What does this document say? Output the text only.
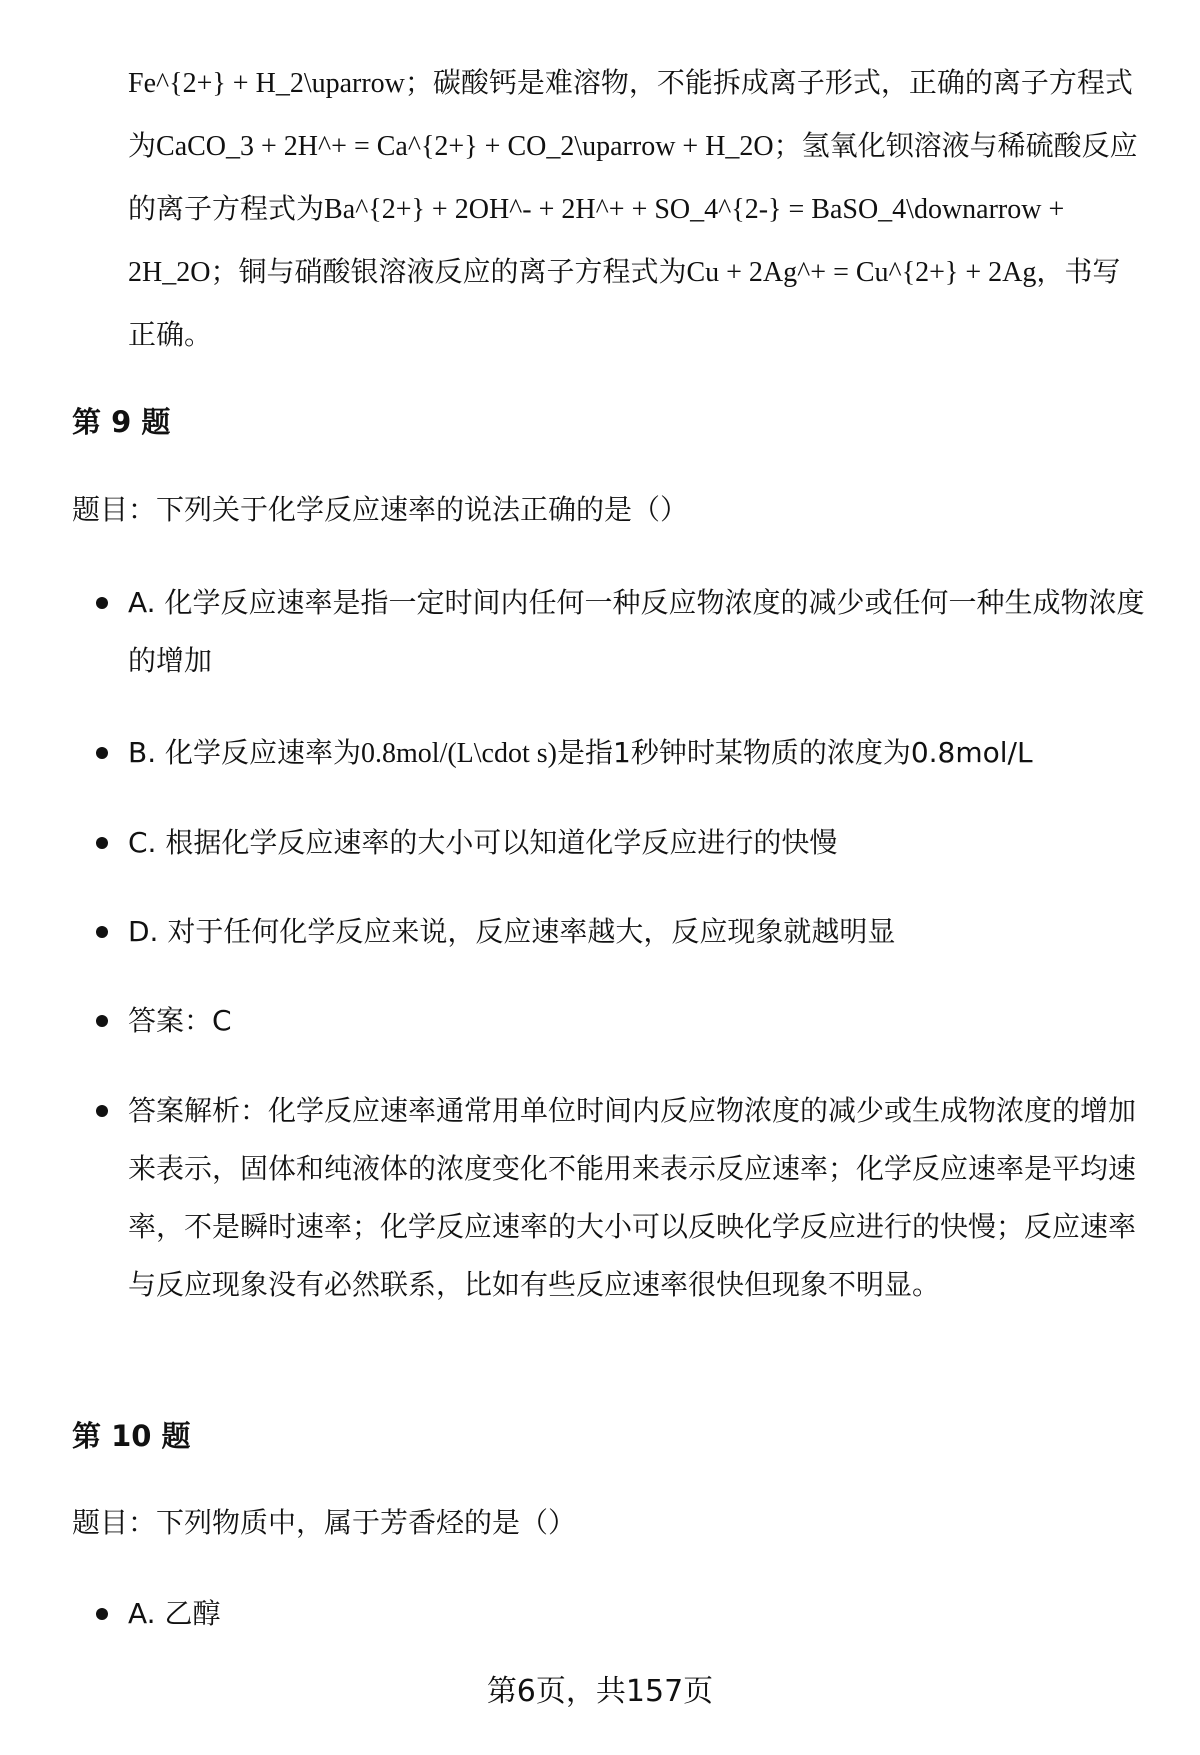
Fe^{2+} + H_2\uparrow；碳酸钙是难溶物，不能拆成离子形式，正确的离子方程式为CaCO_3 + 2H^+ = Ca^{2+} + CO_2\uparrow + H_2O；氢氧化钡溶液与稀硫酸反应的离子方程式为Ba^{2+} + 2OH^- + 2H^+ + SO_4^{2-} = BaSO_4\downarrow + 2H_2O；铜与硝酸银溶液反应的离子方程式为Cu + 2Ag^+ = Cu^{2+} + 2Ag，书写正确。
第 9 题
题目：下列关于化学反应速率的说法正确的是（）
A. 化学反应速率是指一定时间内任何一种反应物浓度的减少或任何一种生成物浓度的增加
B. 化学反应速率为0.8mol/(L\cdot s)是指1秒钟时某物质的浓度为0.8mol/L
C. 根据化学反应速率的大小可以知道化学反应进行的快慢
D. 对于任何化学反应来说，反应速率越大，反应现象就越明显
答案：C
答案解析：化学反应速率通常用单位时间内反应物浓度的减少或生成物浓度的增加来表示，固体和纯液体的浓度变化不能用来表示反应速率；化学反应速率是平均速率，不是瞬时速率；化学反应速率的大小可以反映化学反应进行的快慢；反应速率与反应现象没有必然联系，比如有些反应速率很快但现象不明显。
第 10 题
题目：下列物质中，属于芳香烃的是（）
A. 乙醇
第6页，共157页
